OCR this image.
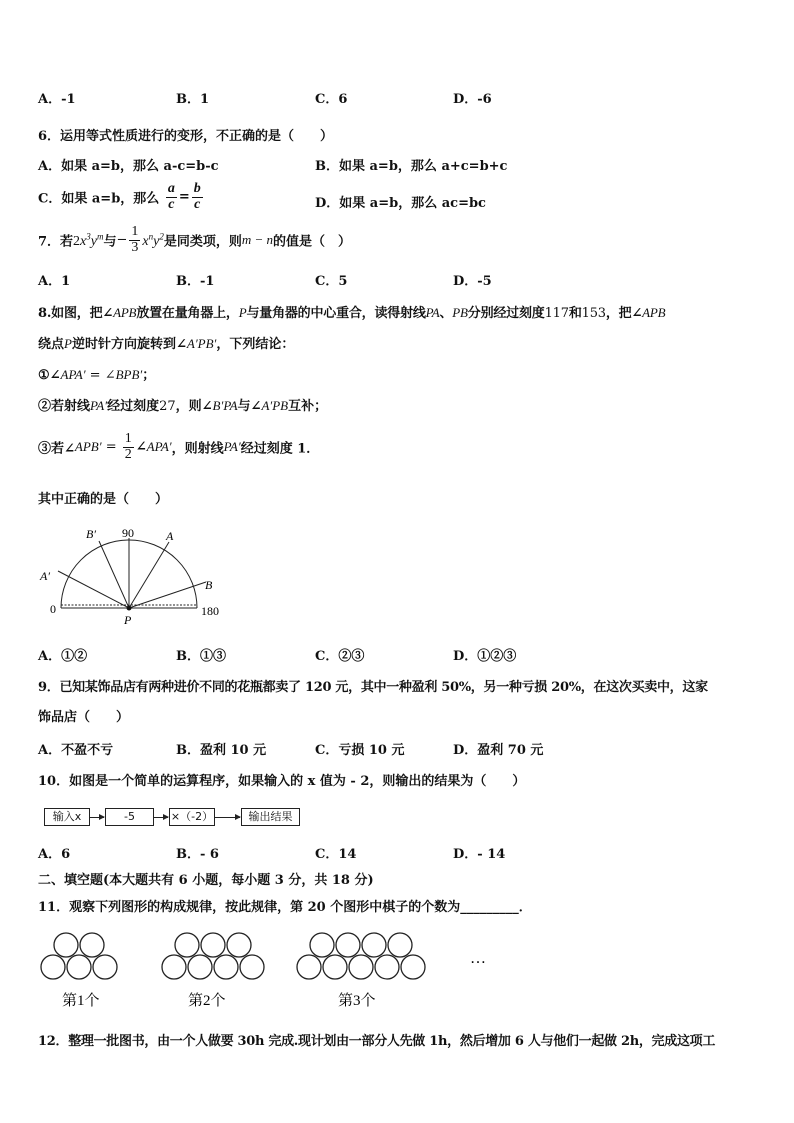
A．-1	B．1	C．6	D．-6
6．运用等式性质进行的变形，不正确的是（　　）
A．如果 a=b，那么 a-c=b-c	B．如果 a=b，那么 a+c=b+c
C．如果 a=b，那么 $\frac{a}{c} = \frac{b}{c}$	D．如果 a=b，那么 ac=bc
7．若$2x^3y^m$与− $\frac{1}{3} x^ny^2$是同类项，则m − n的值是（　）
A．1	B．-1	C．5	D．-5
8.如图，把∠APB放置在量角器上，P与量角器的中心重合，读得射线PA、PB分别经过刻度117和153，把∠APB
绕点P逆时针方向旋转到∠A′PB′，下列结论：
①∠APA′ = ∠BPB′；
②若射线PA′经过刻度27，则∠B′PA与∠A′PB互补；
③若∠APB′ = $\frac{1}{2}$ ∠APA′，则射线PA′经过刻度 1．
其中正确的是（　　）
90
0	180
A
A′
B
B′
P
A．①②	B．①③	C．②③	D．①②③
9．已知某饰品店有两种进价不同的花瓶都卖了 120 元，其中一种盈利 50%，另一种亏损 20%，在这次买卖中，这家
饰品店（　　）
A．不盈不亏	B．盈利 10 元	C．亏损 10 元	D．盈利 70 元
10．如图是一个简单的运算程序，如果输入的 x 值为 - 2，则输出的结果为（　　）
输入x	-5	×（-2）	输出结果
A．6	B．- 6	C．14	D．- 14
二、填空题(本大题共有 6 小题，每小题 3 分，共 18 分)
11．观察下列图形的构成规律，按此规律，第 20 个图形中棋子的个数为_________．
…
第1个	第2个	第3个
12．整理一批图书，由一个人做要 30h 完成.现计划由一部分人先做 1h，然后增加 6 人与他们一起做 2h，完成这项工
